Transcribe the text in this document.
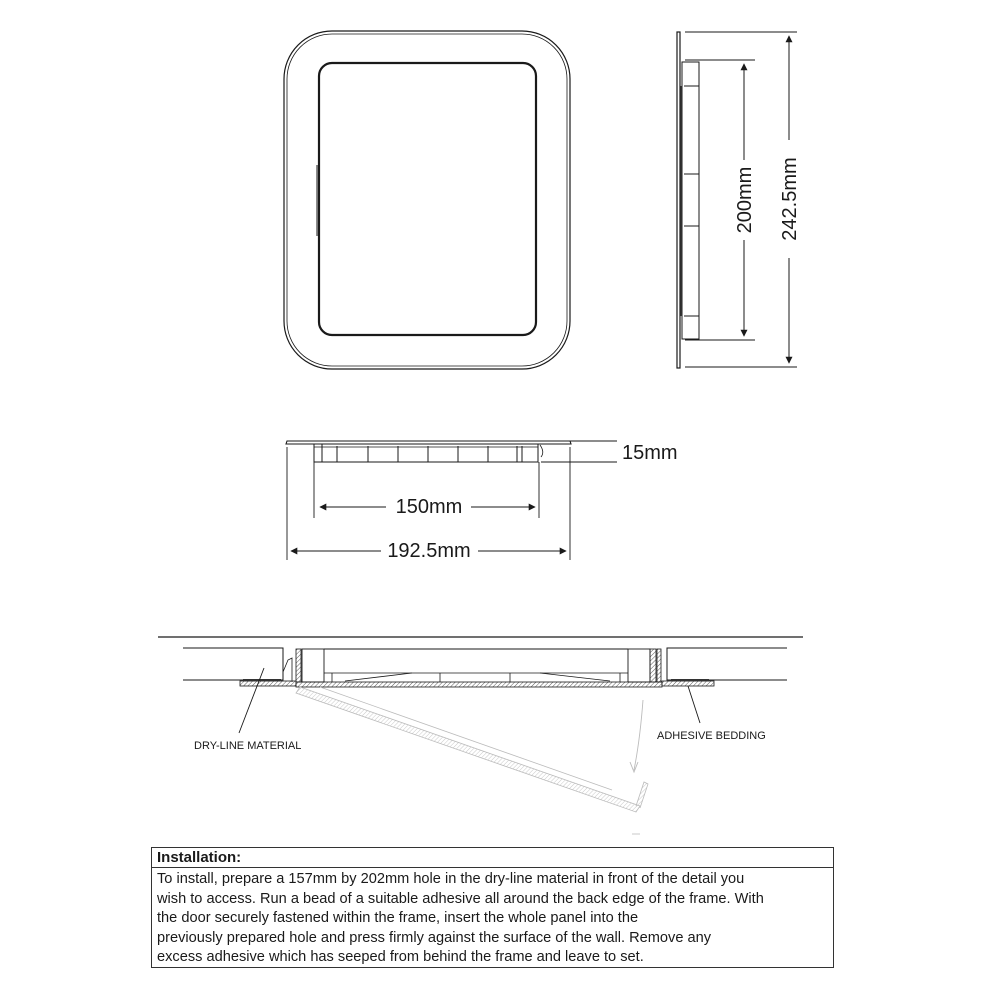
200mm 242.5mm
15mm
150mm
192.5mm
DRY-LINE MATERIAL
ADHESIVE BEDDING
Installation:
To install, prepare a 157mm by 202mm hole in the dry-line material in front of the detail you
wish to access. Run a bead of a suitable adhesive all around the back edge of the frame. With
the door securely fastened within the frame, insert the whole panel into the
previously prepared hole and press firmly against the surface of the wall. Remove any
excess adhesive which has seeped from behind the frame and leave to set.
